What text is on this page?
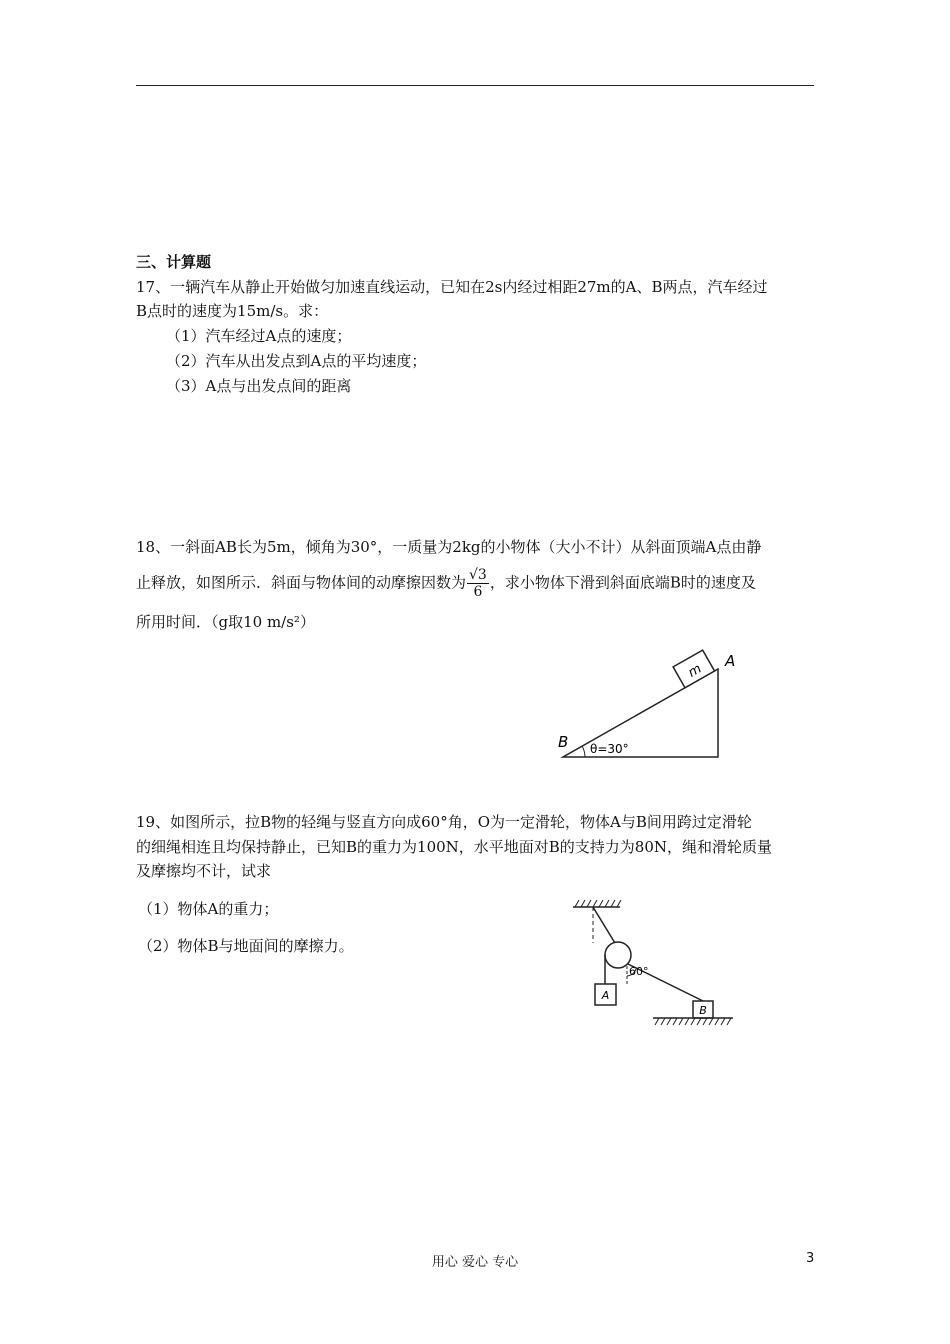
三、计算题
17、一辆汽车从静止开始做匀加速直线运动，已知在2s内经过相距27m的A、B两点，汽车经过
B点时的速度为15m/s。求：
（1）汽车经过A点的速度；
（2）汽车从出发点到A点的平均速度；
（3）A点与出发点间的距离
18、一斜面AB长为5m，倾角为30°，一质量为2kg的小物体（大小不计）从斜面顶端A点由静
止释放，如图所示．斜面与物体间的动摩擦因数为 $\frac{√3}{6}$ ，求小物体下滑到斜面底端B时的速度及
所用时间．（g取10 m/s²）
m
A
B θ=30°
19、如图所示，拉B物的轻绳与竖直方向成60°角，O为一定滑轮，物体A与B间用跨过定滑轮
的细绳相连且均保持静止，已知B的重力为100N，水平地面对B的支持力为80N，绳和滑轮质量
及摩擦均不计，试求
（1）物体A的重力；
（2）物体B与地面间的摩擦力。
A
60°
B
用心 爱心 专心	3
